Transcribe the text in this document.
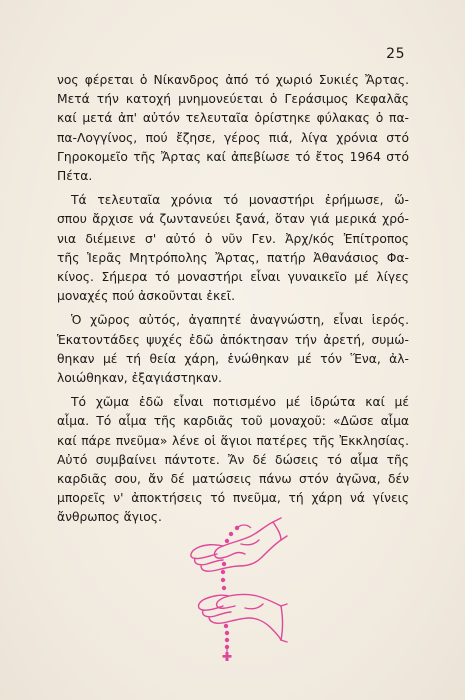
25

νος φέρεται ὁ Νίκανδρος ἀπό τό χωριό Συκιές Ἄρτας.
Μετά τήν κατοχή μνημονεύεται ὁ Γεράσιμος Κεφαλᾶς
καί μετά ἀπ' αὐτόν τελευταῖα ὁρίστηκε φύλακας ὁ πα-
πα-Λογγίνος, πού ἔζησε, γέρος πιά, λίγα χρόνια στό
Γηροκομεῖο τῆς Ἄρτας καί ἀπεβίωσε τό ἔτος 1964 στό
Πέτα.

Τά τελευταῖα χρόνια τό μοναστήρι ἐρήμωσε, ὥ-
σπου ἄρχισε νά ζωντανεύει ξανά, ὅταν γιά μερικά χρό-
νια διέμεινε σ' αὐτό ὁ νῦν Γεν. Ἀρχ/κός Ἐπίτροπος
τῆς Ἱερᾶς Μητρόπολης Ἄρτας, πατήρ Ἀθανάσιος Φα-
κίνος. Σήμερα τό μοναστήρι εἶναι γυναικεῖο μέ λίγες
μοναχές πού ἀσκοῦνται ἐκεῖ.

Ὁ χῶρος αὐτός, ἀγαπητέ ἀναγνώστη, εἶναι ἱερός.
Ἑκατοντάδες ψυχές ἐδῶ ἀπόκτησαν τήν ἀρετή, συμώ-
θηκαν μέ τή θεία χάρη, ἑνώθηκαν μέ τόν Ἕνα, ἀλ-
λοιώθηκαν, ἐξαγιάστηκαν.

Τό χῶμα ἐδῶ εἶναι ποτισμένο μέ ἱδρώτα καί μέ
αἷμα. Τό αἷμα τῆς καρδιᾶς τοῦ μοναχοῦ: «Δῶσε αἷμα
καί πάρε πνεῦμα» λένε οἱ ἅγιοι πατέρες τῆς Ἐκκλησίας.
Αὐτό συμβαίνει πάντοτε. Ἄν δέ δώσεις τό αἷμα τῆς
καρδιᾶς σου, ἄν δέ ματώσεις πάνω στόν ἀγῶνα, δέν
μπορεῖς ν' ἀποκτήσεις τό πνεῦμα, τή χάρη νά γίνεις
ἄνθρωπος ἅγιος.
